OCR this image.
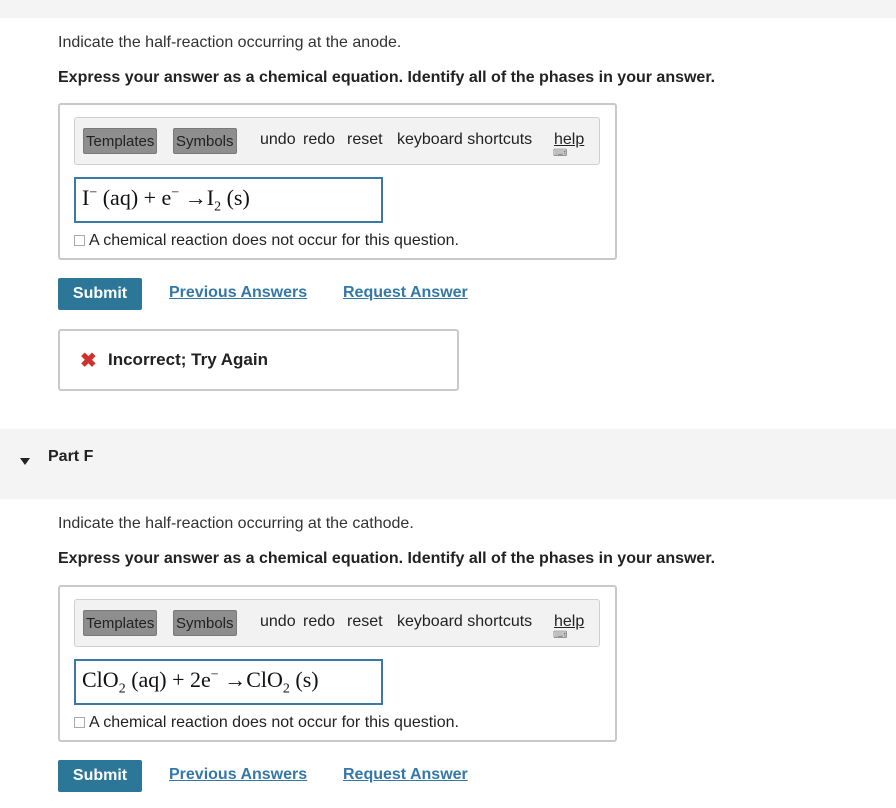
Indicate the half-reaction occurring at the anode.
Express your answer as a chemical equation. Identify all of the phases in your answer.
Templates Symbols undo redo reset keyboard shortcuts help
⌨
I− $(aq) + e^- \to I_2$ (s)
A chemical reaction does not occur for this question.
Submit	Previous Answers Request Answer
✖ Incorrect; Try Again
Part F
Indicate the half-reaction occurring at the cathode.
Express your answer as a chemical equation. Identify all of the phases in your answer.
Templates Symbols undo redo reset keyboard shortcuts help
⌨
ClO$_2$ (aq) + 2e− →ClO$_2$ (s)
A chemical reaction does not occur for this question.
Submit	Previous Answers Request Answer
